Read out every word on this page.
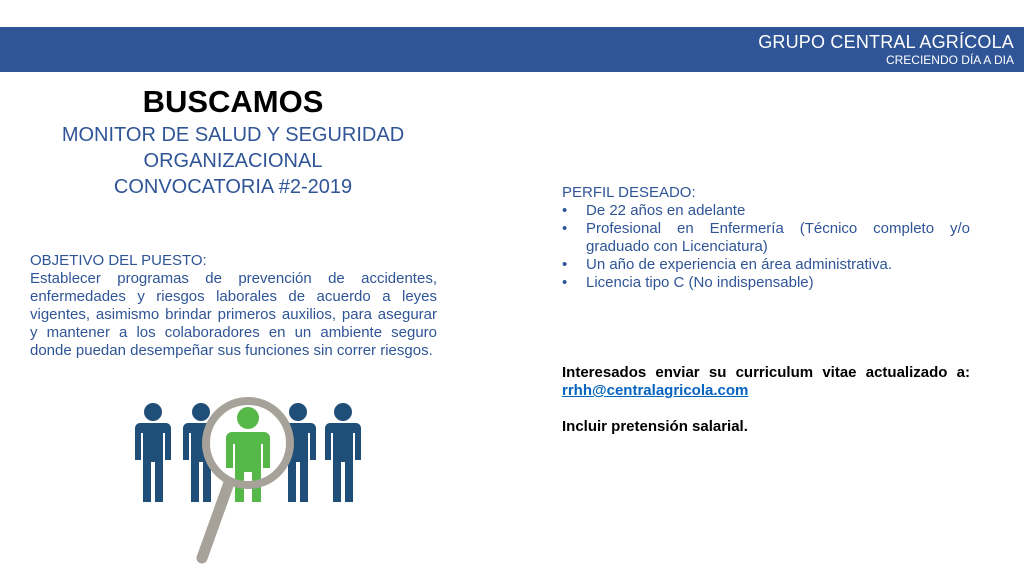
GRUPO CENTRAL AGRÍCOLA
CRECIENDO DÍA A DIA
BUSCAMOS
MONITOR DE SALUD Y SEGURIDAD
ORGANIZACIONAL
CONVOCATORIA #2-2019
OBJETIVO DEL PUESTO:
Establecer programas de prevención de accidentes, enfermedades y riesgos laborales de acuerdo a leyes vigentes, asimismo brindar primeros auxilios, para asegurar y mantener a los colaboradores en un ambiente seguro donde puedan desempeñar sus funciones sin correr riesgos.
PERFIL DESEADO:
• De 22 años en adelante
• Profesional en Enfermería (Técnico completo y/o graduado con Licenciatura)
• Un año de experiencia en área administrativa.
• Licencia tipo C (No indispensable)
Interesados enviar su curriculum vitae actualizado a:
rrhh@centralagricola.com
Incluir pretensión salarial.
